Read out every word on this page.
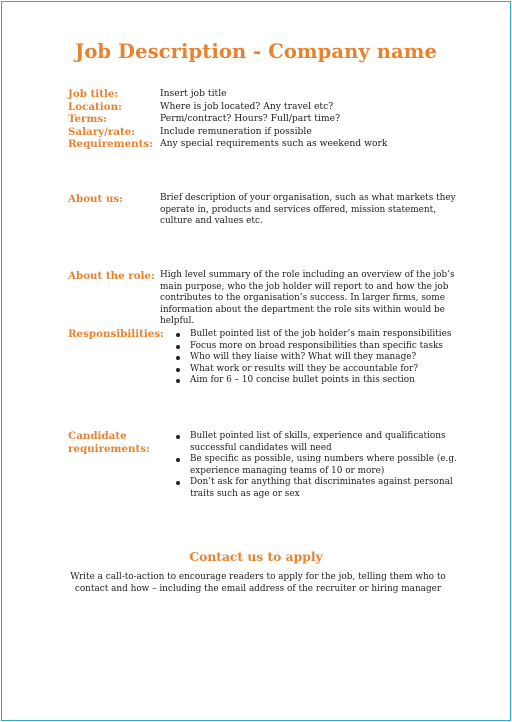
Job Description - Company name
Job title:	Insert job title
Location:	Where is job located? Any travel etc?
Terms:	Perm/contract? Hours? Full/part time?
Salary/rate:	Include remuneration if possible
Requirements: Any special requirements such as weekend work
About us:	Brief description of your organisation, such as what markets they operate in, products and services offered, mission statement, culture and values etc.
About the role: High level summary of the role including an overview of the job’s main purpose, who the job holder will report to and how the job contributes to the organisation’s success. In larger firms, some information about the department the role sits within would be helpful.
Responsibilities:	Bullet pointed list of the job holder’s main responsibilities
Focus more on broad responsibilities than specific tasks
Who will they liaise with? What will they manage?
What work or results will they be accountable for?
Aim for 6 – 10 concise bullet points in this section
Candidate
requirements:
Bullet pointed list of skills, experience and qualifications successful candidates will need
Be specific as possible, using numbers where possible (e.g. experience managing teams of 10 or more)
Don’t ask for anything that discriminates against personal traits such as age or sex
Contact us to apply
Write a call-to-action to encourage readers to apply for the job, telling them who to contact and how – including the email address of the recruiter or hiring manager
